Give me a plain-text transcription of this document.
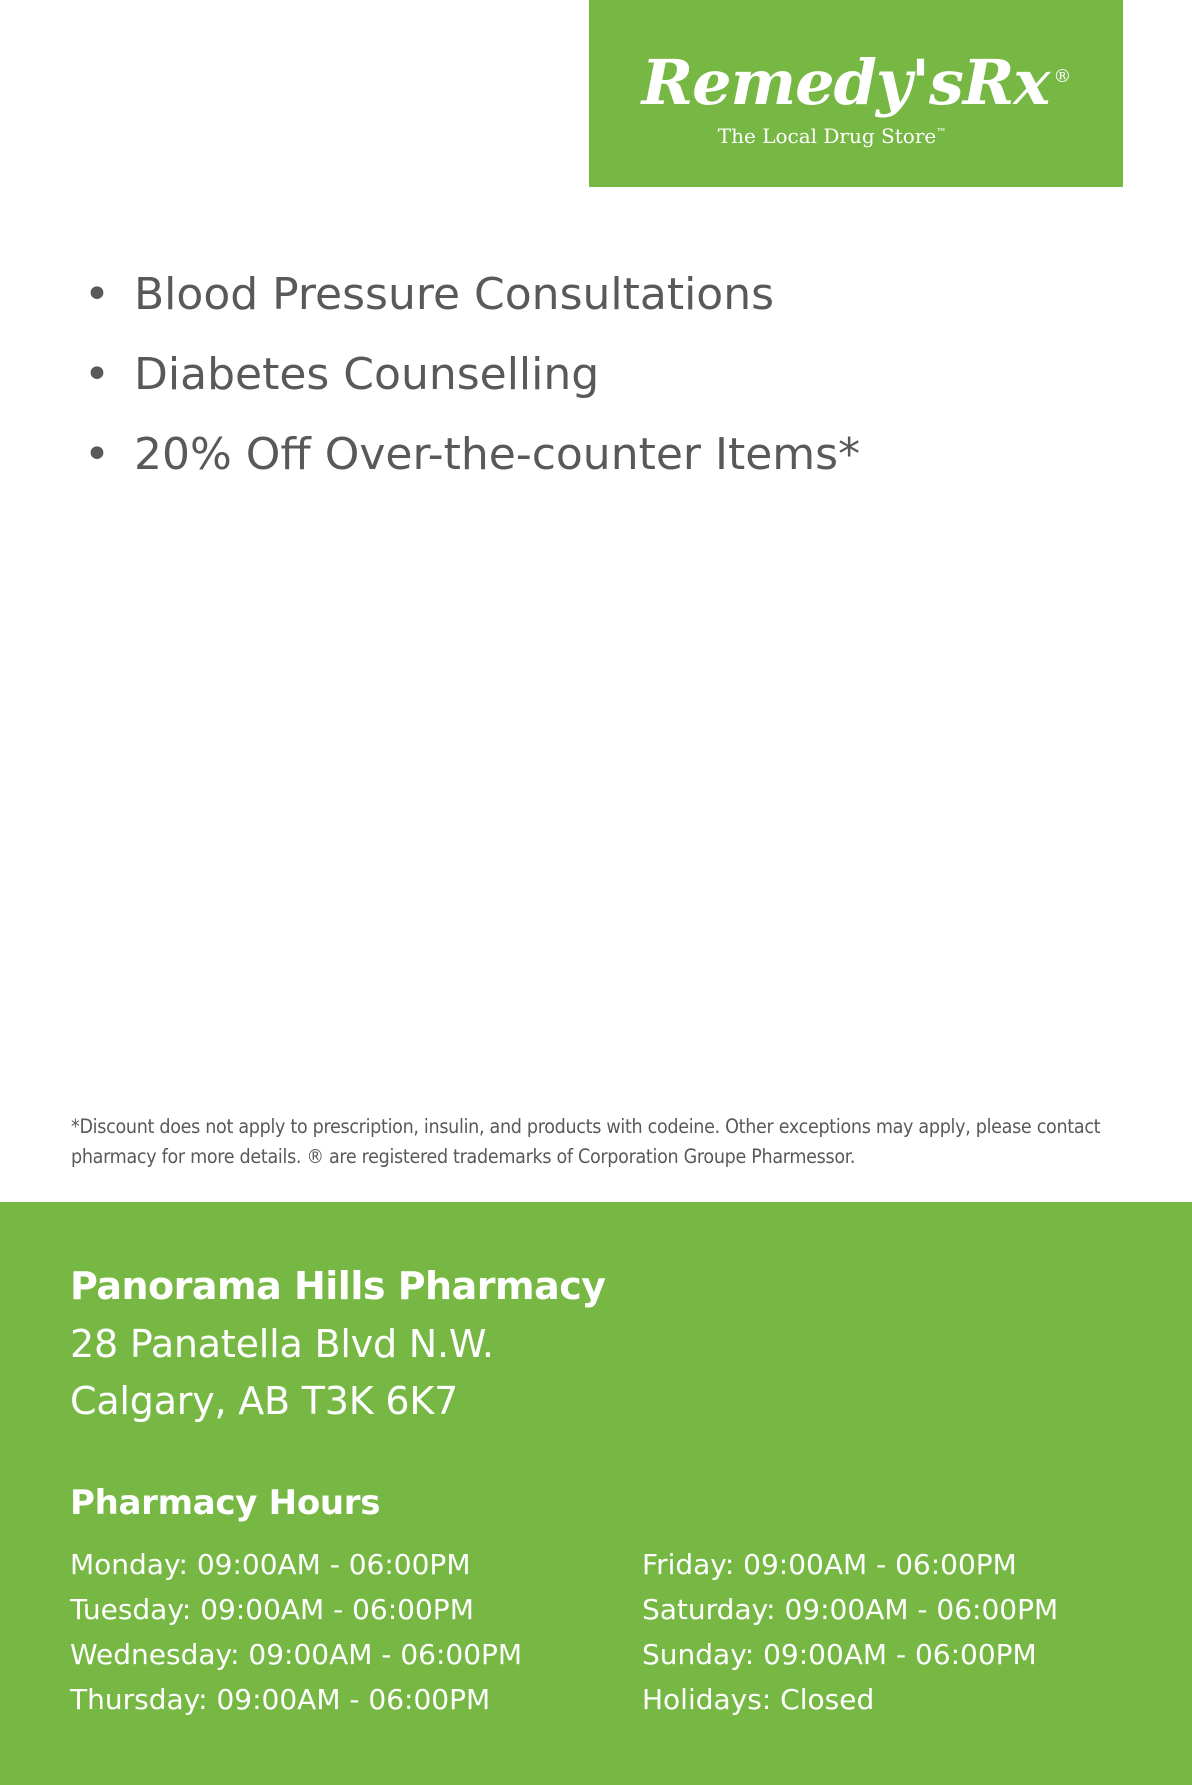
Remedy'sRx ®
The Local Drug Store™
• Blood Pressure Consultations
• Diabetes Counselling
• 20% Off Over-the-counter Items*
*Discount does not apply to prescription, insulin, and products with codeine. Other exceptions may apply, please contact pharmacy for more details. ® are registered trademarks of Corporation Groupe Pharmessor.
Panorama Hills Pharmacy
28 Panatella Blvd N.W.
Calgary, AB T3K 6K7
Pharmacy Hours
Monday: 09:00AM - 06:00PM
Tuesday: 09:00AM - 06:00PM
Wednesday: 09:00AM - 06:00PM
Thursday: 09:00AM - 06:00PM
Friday: 09:00AM - 06:00PM
Saturday: 09:00AM - 06:00PM
Sunday: 09:00AM - 06:00PM
Holidays: Closed
